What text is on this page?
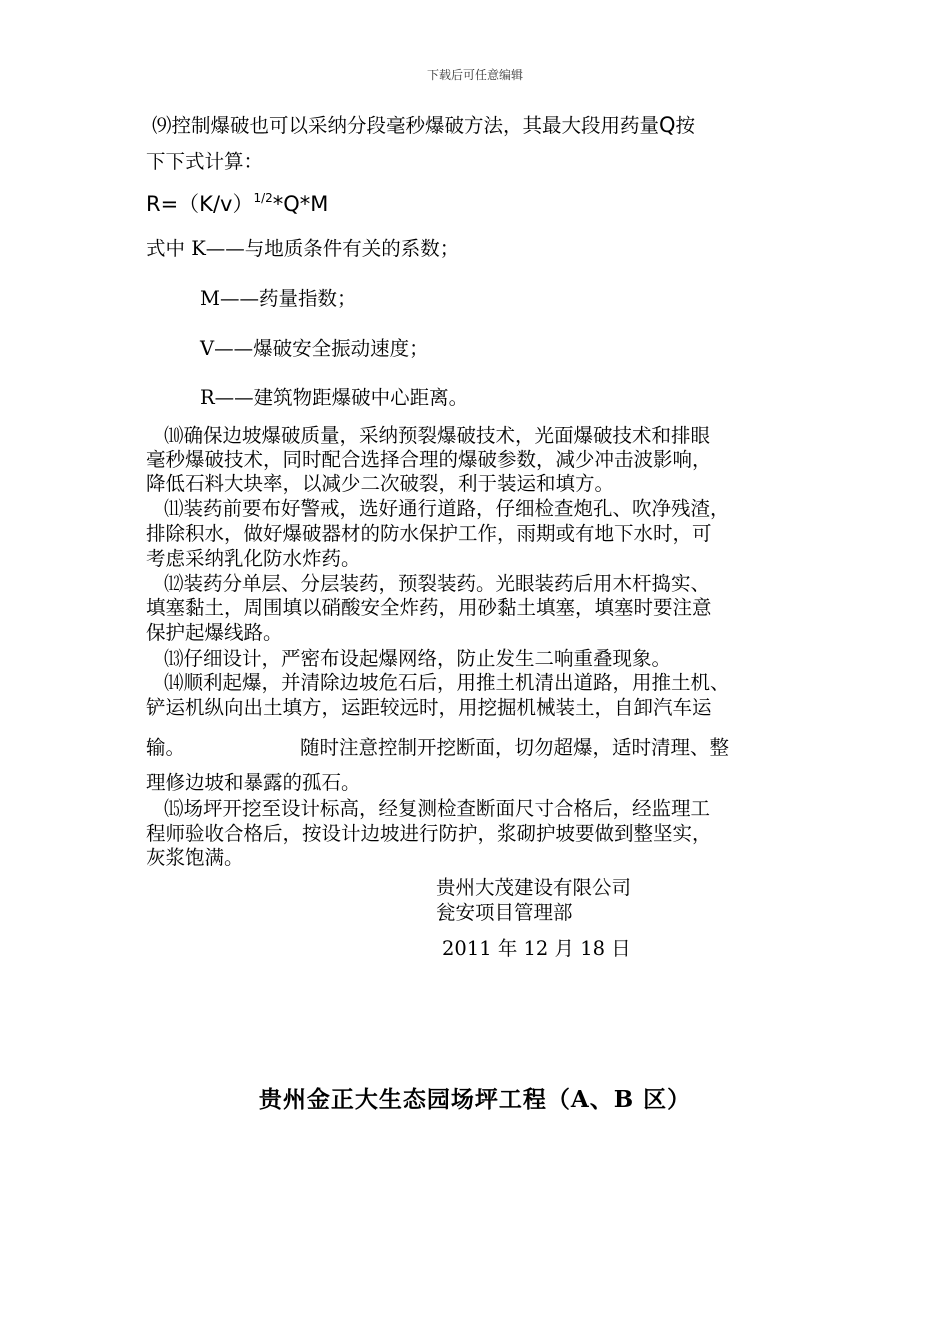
下载后可任意编辑
⑼控制爆破也可以采纳分段毫秒爆破方法，其最大段用药量Q按
下下式计算：
$R=(K/v)^{1/2}*Q*M$
式中 K——与地质条件有关的系数；
M——药量指数；
V——爆破安全振动速度；
R——建筑物距爆破中心距离。
⑽确保边坡爆破质量，采纳预裂爆破技术，光面爆破技术和排眼
毫秒爆破技术，同时配合选择合理的爆破参数，减少冲击波影响，
降低石料大块率，以减少二次破裂，利于装运和填方。
⑾装药前要布好警戒，选好通行道路，仔细检查炮孔、吹净残渣，
排除积水，做好爆破器材的防水保护工作，雨期或有地下水时，可
考虑采纳乳化防水炸药。
⑿装药分单层、分层装药，预裂装药。光眼装药后用木杆捣实、
填塞黏土，周围填以硝酸安全炸药，用砂黏土填塞，填塞时要注意
保护起爆线路。
⒀仔细设计，严密布设起爆网络，防止发生二响重叠现象。
⒁顺利起爆，并清除边坡危石后，用推土机清出道路，用推土机、
铲运机纵向出土填方，运距较远时，用挖掘机械装土，自卸汽车运
输。	随时注意控制开挖断面，切勿超爆，适时清理、整
理修边坡和暴露的孤石。
⒂场坪开挖至设计标高，经复测检查断面尺寸合格后，经监理工
程师验收合格后，按设计边坡进行防护，浆砌护坡要做到整坚实，
灰浆饱满。
贵州大茂建设有限公司
瓮安项目管理部
2011 年 12 月 18 日
贵州金正大生态园场坪工程（A、B 区）
